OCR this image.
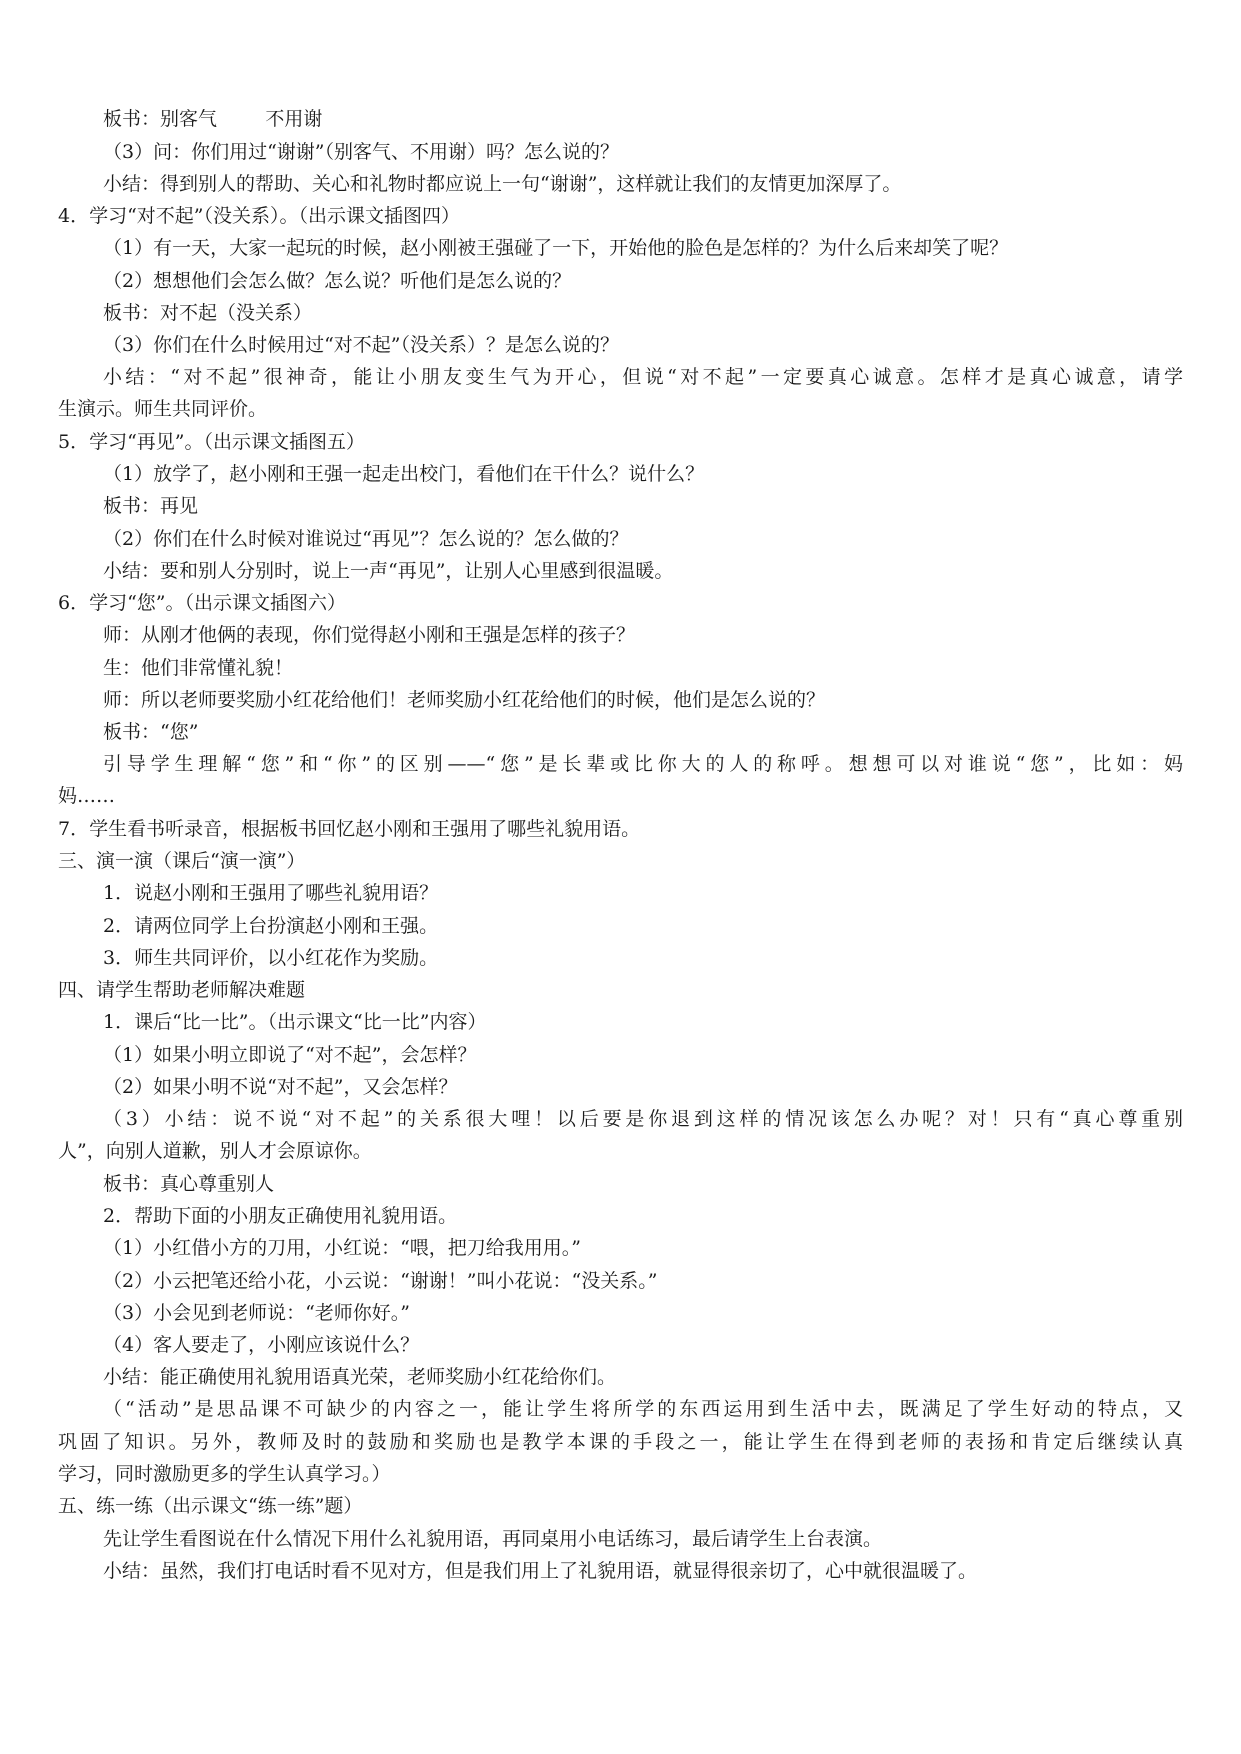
板书：别客气        不用谢
（3）问：你们用过“谢谢”（别客气、不用谢）吗？怎么说的？
小结：得到别人的帮助、关心和礼物时都应说上一句“谢谢”，这样就让我们的友情更加深厚了。
4．学习“对不起”（没关系）。（出示课文插图四）
（1）有一天，大家一起玩的时候，赵小刚被王强碰了一下，开始他的脸色是怎样的？为什么后来却笑了呢？
（2）想想他们会怎么做？怎么说？听他们是怎么说的？
板书：对不起（没关系）
（3）你们在什么时候用过“对不起”（没关系）？是怎么说的？
小结：“对不起”很神奇，能让小朋友变生气为开心，但说“对不起”一定要真心诚意。怎样才是真心诚意，请学
生演示。师生共同评价。
5．学习“再见”。（出示课文插图五）
（1）放学了，赵小刚和王强一起走出校门，看他们在干什么？说什么？
板书：再见
（2）你们在什么时候对谁说过“再见”？怎么说的？怎么做的？
小结：要和别人分别时，说上一声“再见”，让别人心里感到很温暖。
6．学习“您”。（出示课文插图六）
师：从刚才他俩的表现，你们觉得赵小刚和王强是怎样的孩子？
生：他们非常懂礼貌！
师：所以老师要奖励小红花给他们！老师奖励小红花给他们的时候，他们是怎么说的？
板书：“您”
引导学生理解“您”和“你”的区别——“您”是长辈或比你大的人的称呼。想想可以对谁说“您”，比如：妈
妈……
7．学生看书听录音，根据板书回忆赵小刚和王强用了哪些礼貌用语。
三、演一演（课后“演一演”）
1．说赵小刚和王强用了哪些礼貌用语？
2．请两位同学上台扮演赵小刚和王强。
3．师生共同评价，以小红花作为奖励。
四、请学生帮助老师解决难题
1．课后“比一比”。（出示课文“比一比”内容）
（1）如果小明立即说了“对不起”，会怎样？
（2）如果小明不说“对不起”，又会怎样？
（3）小结：说不说“对不起”的关系很大哩！以后要是你退到这样的情况该怎么办呢？对！只有“真心尊重别
人”，向别人道歉，别人才会原谅你。
板书：真心尊重别人
2．帮助下面的小朋友正确使用礼貌用语。
（1）小红借小方的刀用，小红说：“喂，把刀给我用用。”
（2）小云把笔还给小花，小云说：“谢谢！”叫小花说：“没关系。”
（3）小会见到老师说：“老师你好。”
（4）客人要走了，小刚应该说什么？
小结：能正确使用礼貌用语真光荣，老师奖励小红花给你们。
（“活动”是思品课不可缺少的内容之一，能让学生将所学的东西运用到生活中去，既满足了学生好动的特点，又
巩固了知识。另外，教师及时的鼓励和奖励也是教学本课的手段之一，能让学生在得到老师的表扬和肯定后继续认真
学习，同时激励更多的学生认真学习。）
五、练一练（出示课文“练一练”题）
先让学生看图说在什么情况下用什么礼貌用语，再同桌用小电话练习，最后请学生上台表演。
小结：虽然，我们打电话时看不见对方，但是我们用上了礼貌用语，就显得很亲切了，心中就很温暖了。
